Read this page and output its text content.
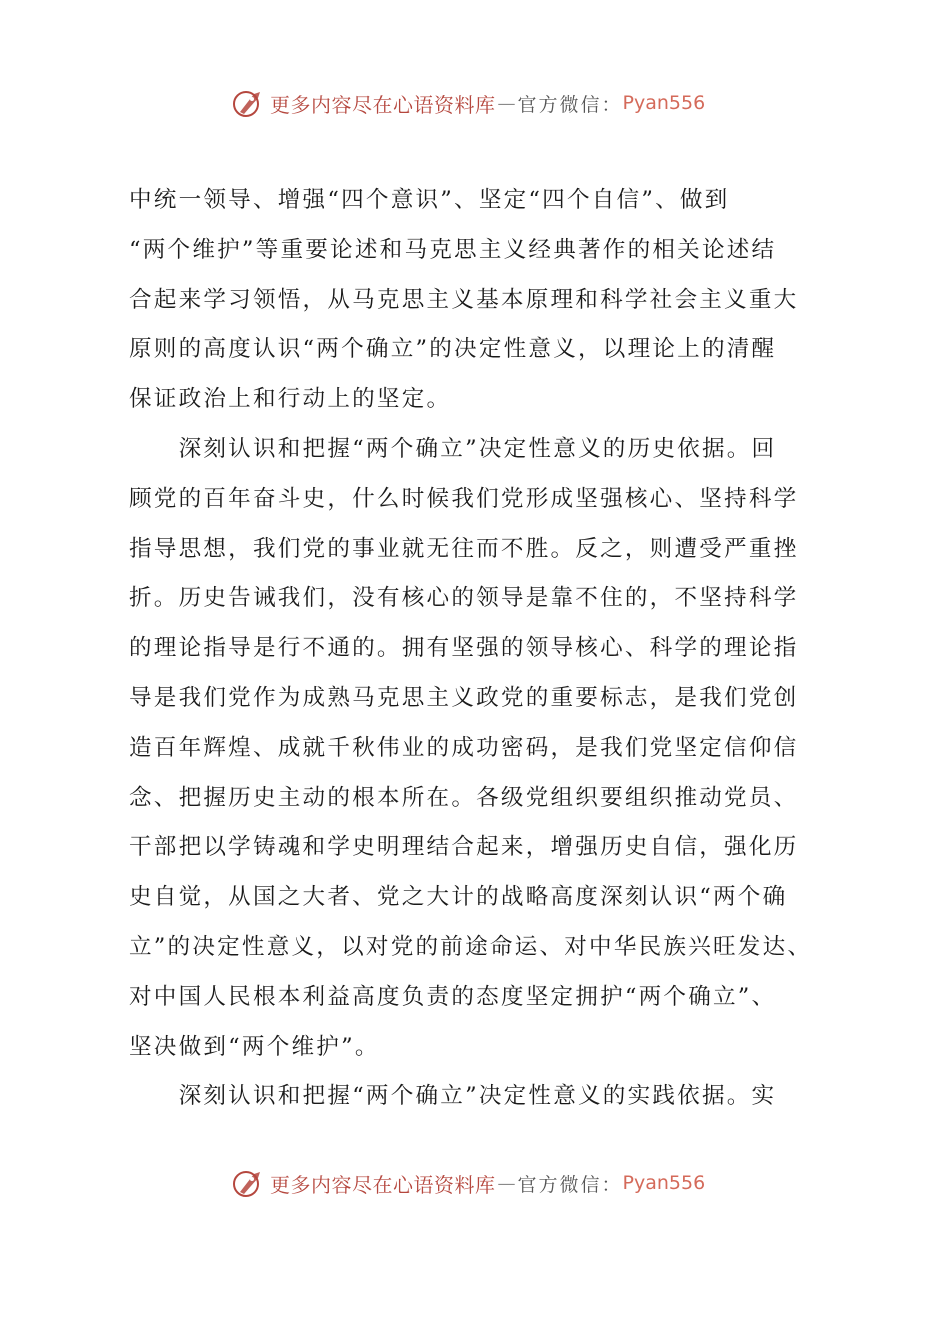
更多内容尽在心语资料库 — 官方微信： Pyan556
中统一领导、增强“四个意识”、坚定“四个自信”、做到
“两个维护”等重要论述和马克思主义经典著作的相关论述结
合起来学习领悟，从马克思主义基本原理和科学社会主义重大
原则的高度认识“两个确立”的决定性意义，以理论上的清醒
保证政治上和行动上的坚定。
　　深刻认识和把握“两个确立”决定性意义的历史依据。回
顾党的百年奋斗史，什么时候我们党形成坚强核心、坚持科学
指导思想，我们党的事业就无往而不胜。反之，则遭受严重挫
折。历史告诫我们，没有核心的领导是靠不住的，不坚持科学
的理论指导是行不通的。拥有坚强的领导核心、科学的理论指
导是我们党作为成熟马克思主义政党的重要标志，是我们党创
造百年辉煌、成就千秋伟业的成功密码，是我们党坚定信仰信
念、把握历史主动的根本所在。各级党组织要组织推动党员、
干部把以学铸魂和学史明理结合起来，增强历史自信，强化历
史自觉，从国之大者、党之大计的战略高度深刻认识“两个确
立”的决定性意义，以对党的前途命运、对中华民族兴旺发达、
对中国人民根本利益高度负责的态度坚定拥护“两个确立”、
坚决做到“两个维护”。
　　深刻认识和把握“两个确立”决定性意义的实践依据。实
更多内容尽在心语资料库 — 官方微信： Pyan556
